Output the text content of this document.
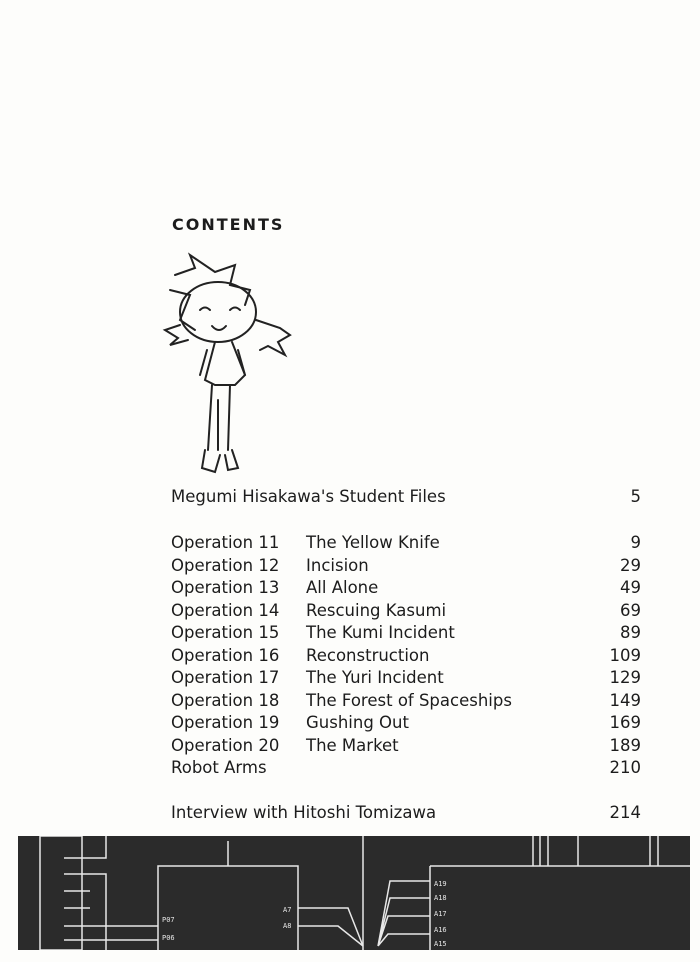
CONTENTS
Megumi Hisakawa's Student Files	5
Operation 11 The Yellow Knife	9
Operation 12 Incision	29
Operation 13 All Alone	49
Operation 14 Rescuing Kasumi	69
Operation 15 The Kumi Incident	89
Operation 16 Reconstruction	109
Operation 17 The Yuri Incident	129
Operation 18 The Forest of Spaceships	149
Operation 19 Gushing Out	169
Operation 20 The Market	189
Robot Arms	210
Interview with Hitoshi Tomizawa	214
A19
A18
A17
A16
A15
A7
A8
P07
P06
